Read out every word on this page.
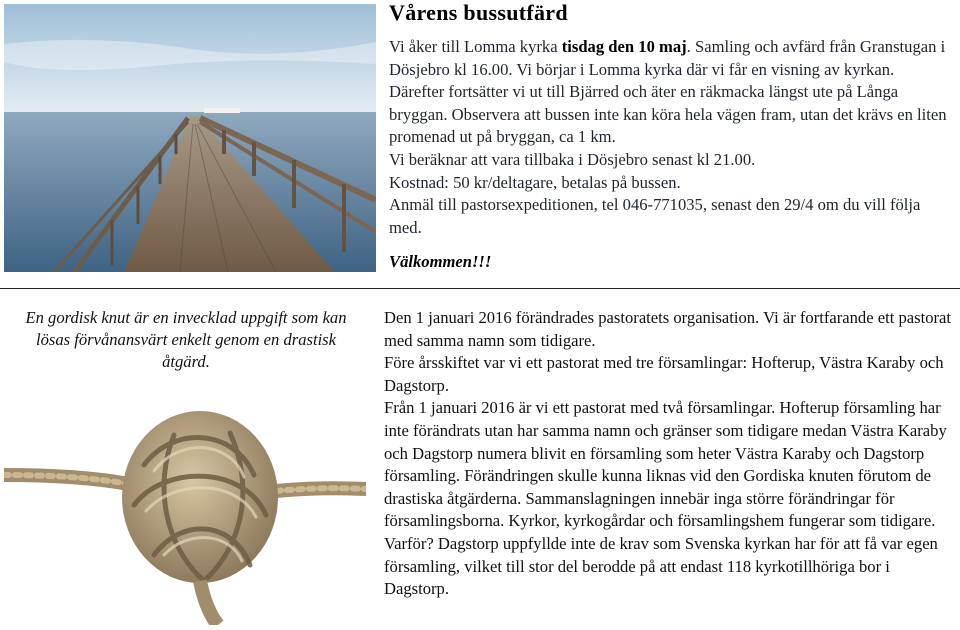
Vårens bussutfärd

Vi åker till Lomma kyrka tisdag den 10 maj. Samling och avfärd från Granstugan i Dösjebro kl 16.00. Vi börjar i Lomma kyrka där vi får en visning av kyrkan. Därefter fortsätter vi ut till Bjärred och äter en räkmacka längst ute på Långa bryggan. Observera att bussen inte kan köra hela vägen fram, utan det krävs en liten promenad ut på bryggan, ca 1 km.

Vi beräknar att vara tillbaka i Dösjebro senast kl 21.00.

Kostnad: 50 kr/deltagare, betalas på bussen.

Anmäl till pastorsexpeditionen, tel 046-771035, senast den 29/4 om du vill följa med.

Välkommen!!!
En gordisk knut är en invecklad uppgift som kan lösas förvånansvärt enkelt genom en drastisk åtgärd.

Den 1 januari 2016 förändrades pastoratets organisation. Vi är fortfarande ett pastorat med samma namn som tidigare.

Före årsskiftet var vi ett pastorat med tre församlingar: Hofterup, Västra Karaby och Dagstorp.

Från 1 januari 2016 är vi ett pastorat med två församlingar. Hofterup församling har inte förändrats utan har samma namn och gränser som tidigare medan Västra Karaby och Dagstorp numera blivit en församling som heter Västra Karaby och Dagstorp församling. Förändringen skulle kunna liknas vid den Gordiska knuten förutom de drastiska åtgärderna. Sammanslagningen innebär inga större förändringar för församlingsborna. Kyrkor, kyrkogårdar och församlingshem fungerar som tidigare.

Varför? Dagstorp uppfyllde inte de krav som Svenska kyrkan har för att få var egen församling, vilket till stor del berodde på att endast 118 kyrkotillhöriga bor i Dagstorp.
